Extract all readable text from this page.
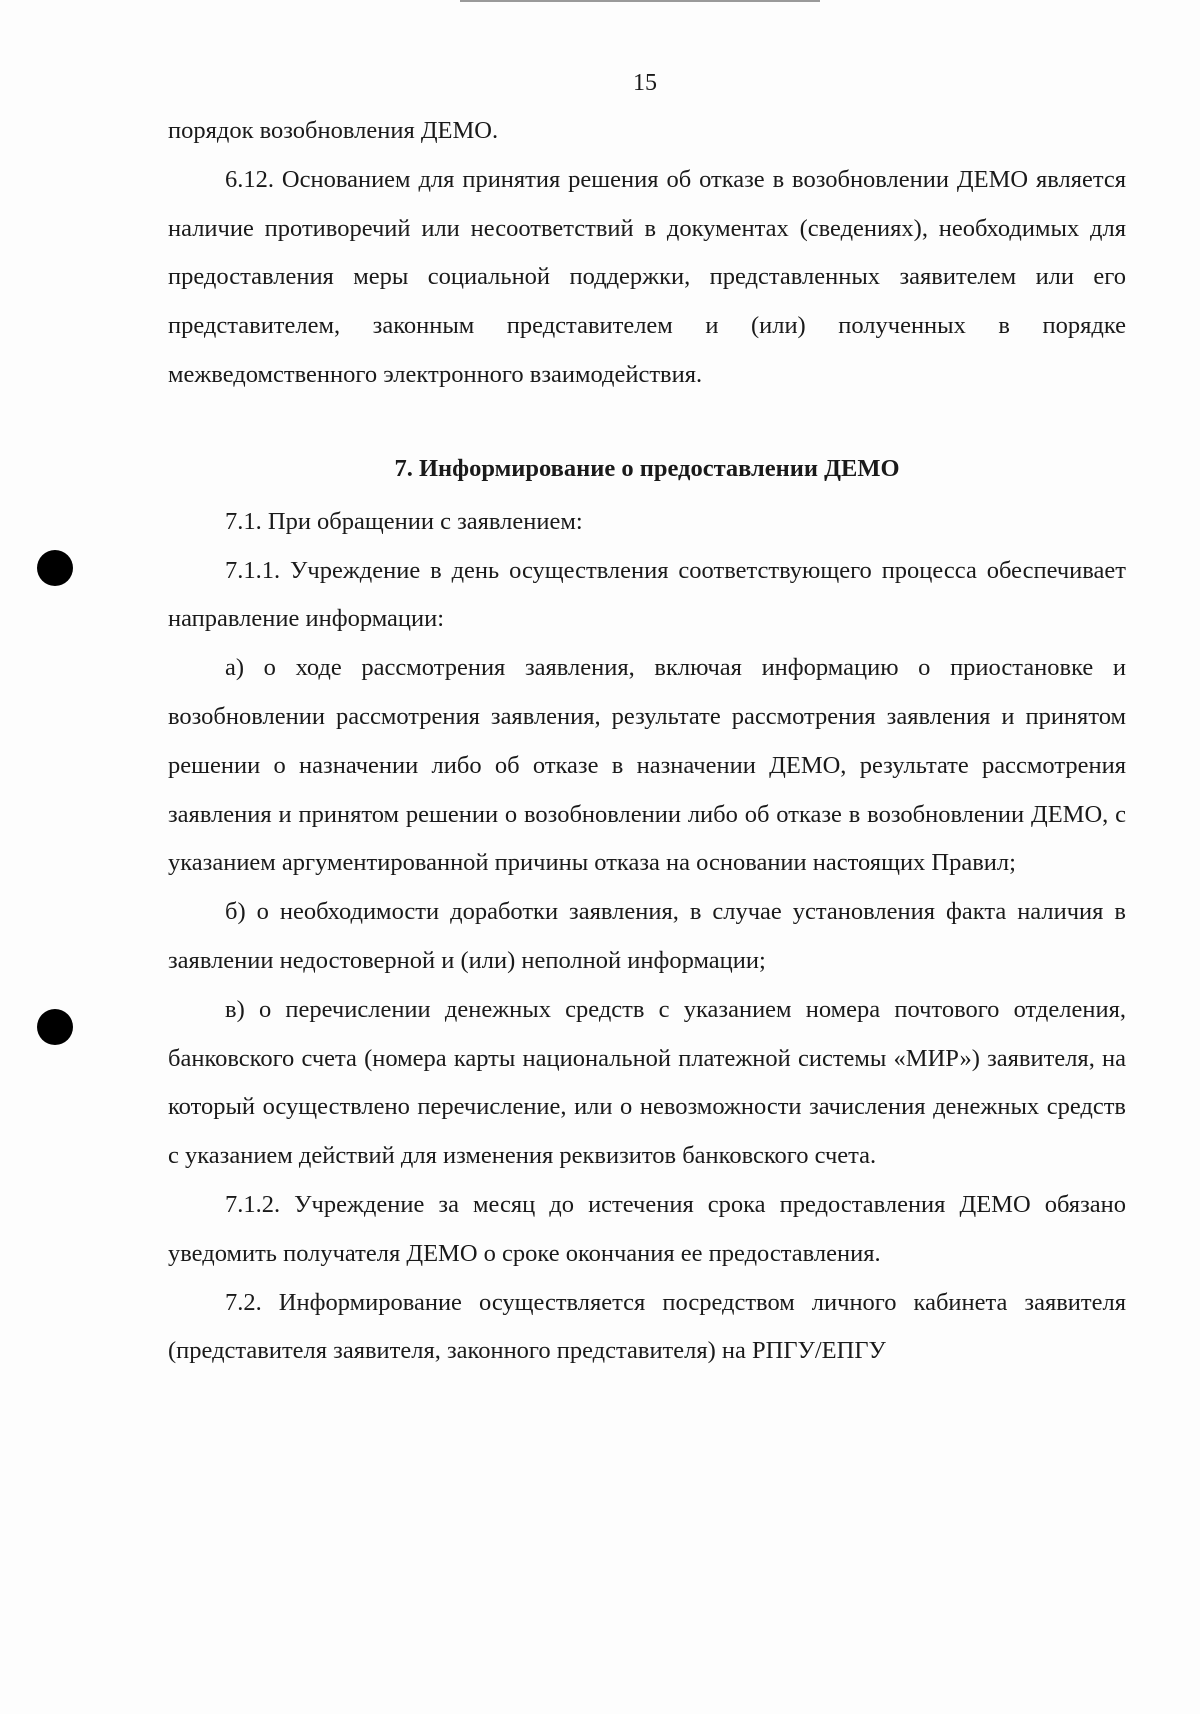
15

порядок возобновления ДЕМО.

6.12. Основанием для принятия решения об отказе в возобновлении ДЕМО является наличие противоречий или несоответствий в документах (сведениях), необходимых для предоставления меры социальной поддержки, представленных заявителем или его представителем, законным представителем и (или) полученных в порядке межведомственного электронного взаимодействия.

7. Информирование о предоставлении ДЕМО

7.1. При обращении с заявлением:

7.1.1. Учреждение в день осуществления соответствующего процесса обеспечивает направление информации:

а) о ходе рассмотрения заявления, включая информацию о приостановке и возобновлении рассмотрения заявления, результате рассмотрения заявления и принятом решении о назначении либо об отказе в назначении ДЕМО, результате рассмотрения заявления и принятом решении о возобновлении либо об отказе в возобновлении ДЕМО, с указанием аргументированной причины отказа на основании настоящих Правил;

б) о необходимости доработки заявления, в случае установления факта наличия в заявлении недостоверной и (или) неполной информации;

в) о перечислении денежных средств с указанием номера почтового отделения, банковского счета (номера карты национальной платежной системы «МИР») заявителя, на который осуществлено перечисление, или о невозможности зачисления денежных средств с указанием действий для изменения реквизитов банковского счета.

7.1.2. Учреждение за месяц до истечения срока предоставления ДЕМО обязано уведомить получателя ДЕМО о сроке окончания ее предоставления.

7.2. Информирование осуществляется посредством личного кабинета заявителя (представителя заявителя, законного представителя) на РПГУ/ЕПГУ
